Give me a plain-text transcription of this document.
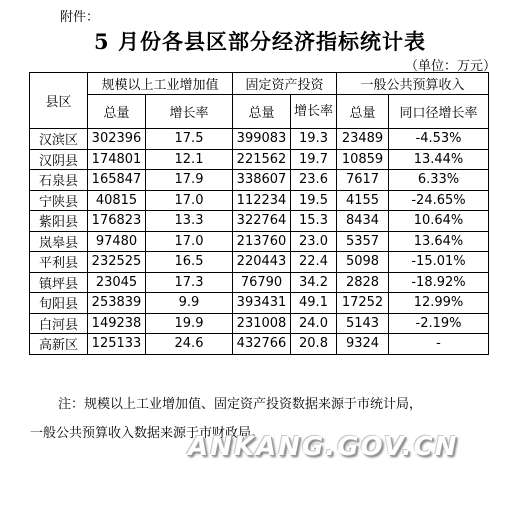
附件：
5 月份各县区部分经济指标统计表
（单位：万元）
县区	规模以上工业增加值		固定资产投资		一般公共预算收入	
	总量	增长率	总量	增长率	总量	同口径增长率
汉滨区	302396	17.5	399083	19.3	23489	-4.53%
汉阴县	174801	12.1	221562	19.7	10859	13.44%
石泉县	165847	17.9	338607	23.6	7617	6.33%
宁陕县	40815	17.0	112234	19.5	4155	-24.65%
紫阳县	176823	13.3	322764	15.3	8434	10.64%
岚皋县	97480	17.0	213760	23.0	5357	13.64%
平利县	232525	16.5	220443	22.4	5098	-15.01%
镇坪县	23045	17.3	76790	34.2	2828	-18.92%
旬阳县	253839	9.9	393431	49.1	17252	12.99%
白河县	149238	19.9	231008	24.0	5143	-2.19%
高新区	125133	24.6	432766	20.8	9324	-
注：规模以上工业增加值、固定资产投资数据来源于市统计局，
一般公共预算收入数据来源于市财政局。
ANKANG.GOV.CN
